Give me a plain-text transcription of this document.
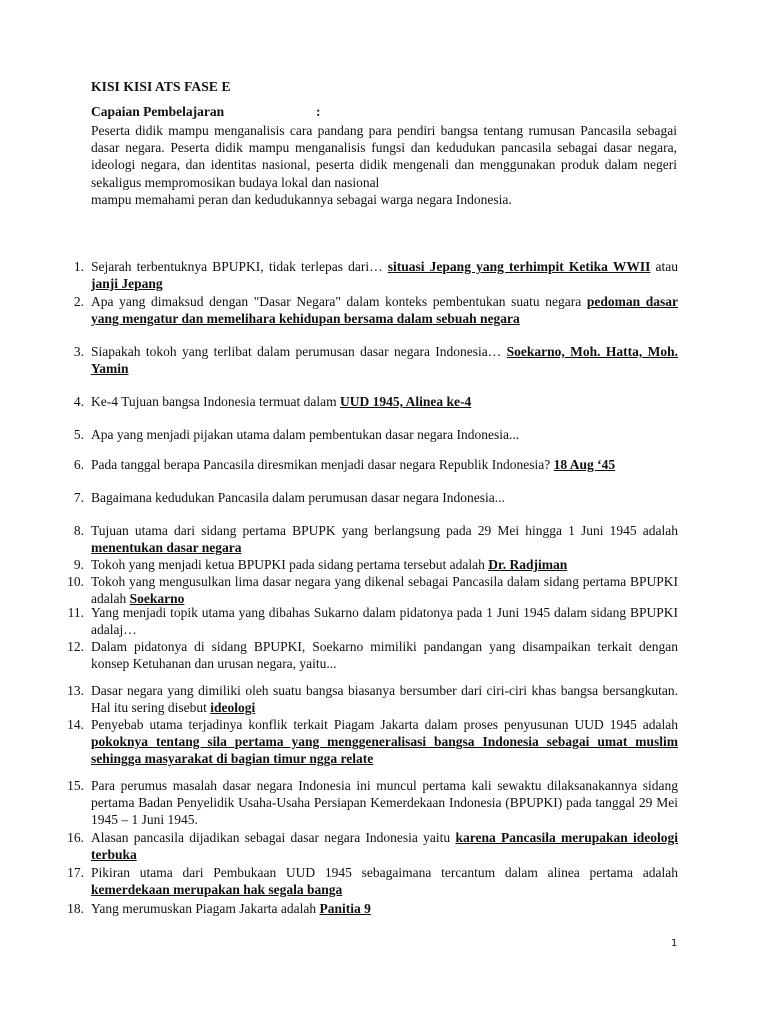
KISI KISI ATS FASE E
Capaian Pembelajaran	:

Peserta didik mampu menganalisis cara pandang para pendiri bangsa tentang rumusan Pancasila sebagai dasar negara. Peserta didik mampu menganalisis fungsi dan kedudukan pancasila sebagai dasar negara, ideologi negara, dan identitas nasional, peserta didik mengenali dan menggunakan produk dalam negeri sekaligus mempromosikan budaya lokal dan nasional

mampu memahami peran dan kedudukannya sebagai warga negara Indonesia.

1. Sejarah terbentuknya BPUPKI, tidak terlepas dari… situasi Jepang yang terhimpit Ketika WWII atau janji Jepang
2. Apa yang dimaksud dengan "Dasar Negara" dalam konteks pembentukan suatu negara pedoman dasar yang mengatur dan memelihara kehidupan bersama dalam sebuah negara
3. Siapakah tokoh yang terlibat dalam perumusan dasar negara Indonesia… Soekarno, Moh. Hatta, Moh. Yamin
4. Ke-4 Tujuan bangsa Indonesia termuat dalam UUD 1945, Alinea ke-4
5. Apa yang menjadi pijakan utama dalam pembentukan dasar negara Indonesia...
6. Pada tanggal berapa Pancasila diresmikan menjadi dasar negara Republik Indonesia? 18 Aug ‘45
7. Bagaimana kedudukan Pancasila dalam perumusan dasar negara Indonesia...
8. Tujuan utama dari sidang pertama BPUPK yang berlangsung pada 29 Mei hingga 1 Juni 1945 adalah menentukan dasar negara
9. Tokoh yang menjadi ketua BPUPKI pada sidang pertama tersebut adalah Dr. Radjiman
10. Tokoh yang mengusulkan lima dasar negara yang dikenal sebagai Pancasila dalam sidang pertama BPUPKI adalah Soekarno
11. Yang menjadi topik utama yang dibahas Sukarno dalam pidatonya pada 1 Juni 1945 dalam sidang BPUPKI adalaj…
12. Dalam pidatonya di sidang BPUPKI, Soekarno mimiliki pandangan yang disampaikan terkait dengan konsep Ketuhanan dan urusan negara, yaitu...
13. Dasar negara yang dimiliki oleh suatu bangsa biasanya bersumber dari ciri-ciri khas bangsa bersangkutan. Hal itu sering disebut ideologi
14. Penyebab utama terjadinya konflik terkait Piagam Jakarta dalam proses penyusunan UUD 1945 adalah pokoknya tentang sila pertama yang menggeneralisasi bangsa Indonesia sebagai umat muslim sehingga masyarakat di bagian timur ngga relate
15. Para perumus masalah dasar negara Indonesia ini muncul pertama kali sewaktu dilaksanakannya sidang pertama Badan Penyelidik Usaha-Usaha Persiapan Kemerdekaan Indonesia (BPUPKI) pada tanggal 29 Mei 1945 – 1 Juni 1945.
16. Alasan pancasila dijadikan sebagai dasar negara Indonesia yaitu karena Pancasila merupakan ideologi terbuka
17. Pikiran utama dari Pembukaan UUD 1945 sebagaimana tercantum dalam alinea pertama adalah kemerdekaan merupakan hak segala banga
18. Yang merumuskan Piagam Jakarta adalah Panitia 9
1
